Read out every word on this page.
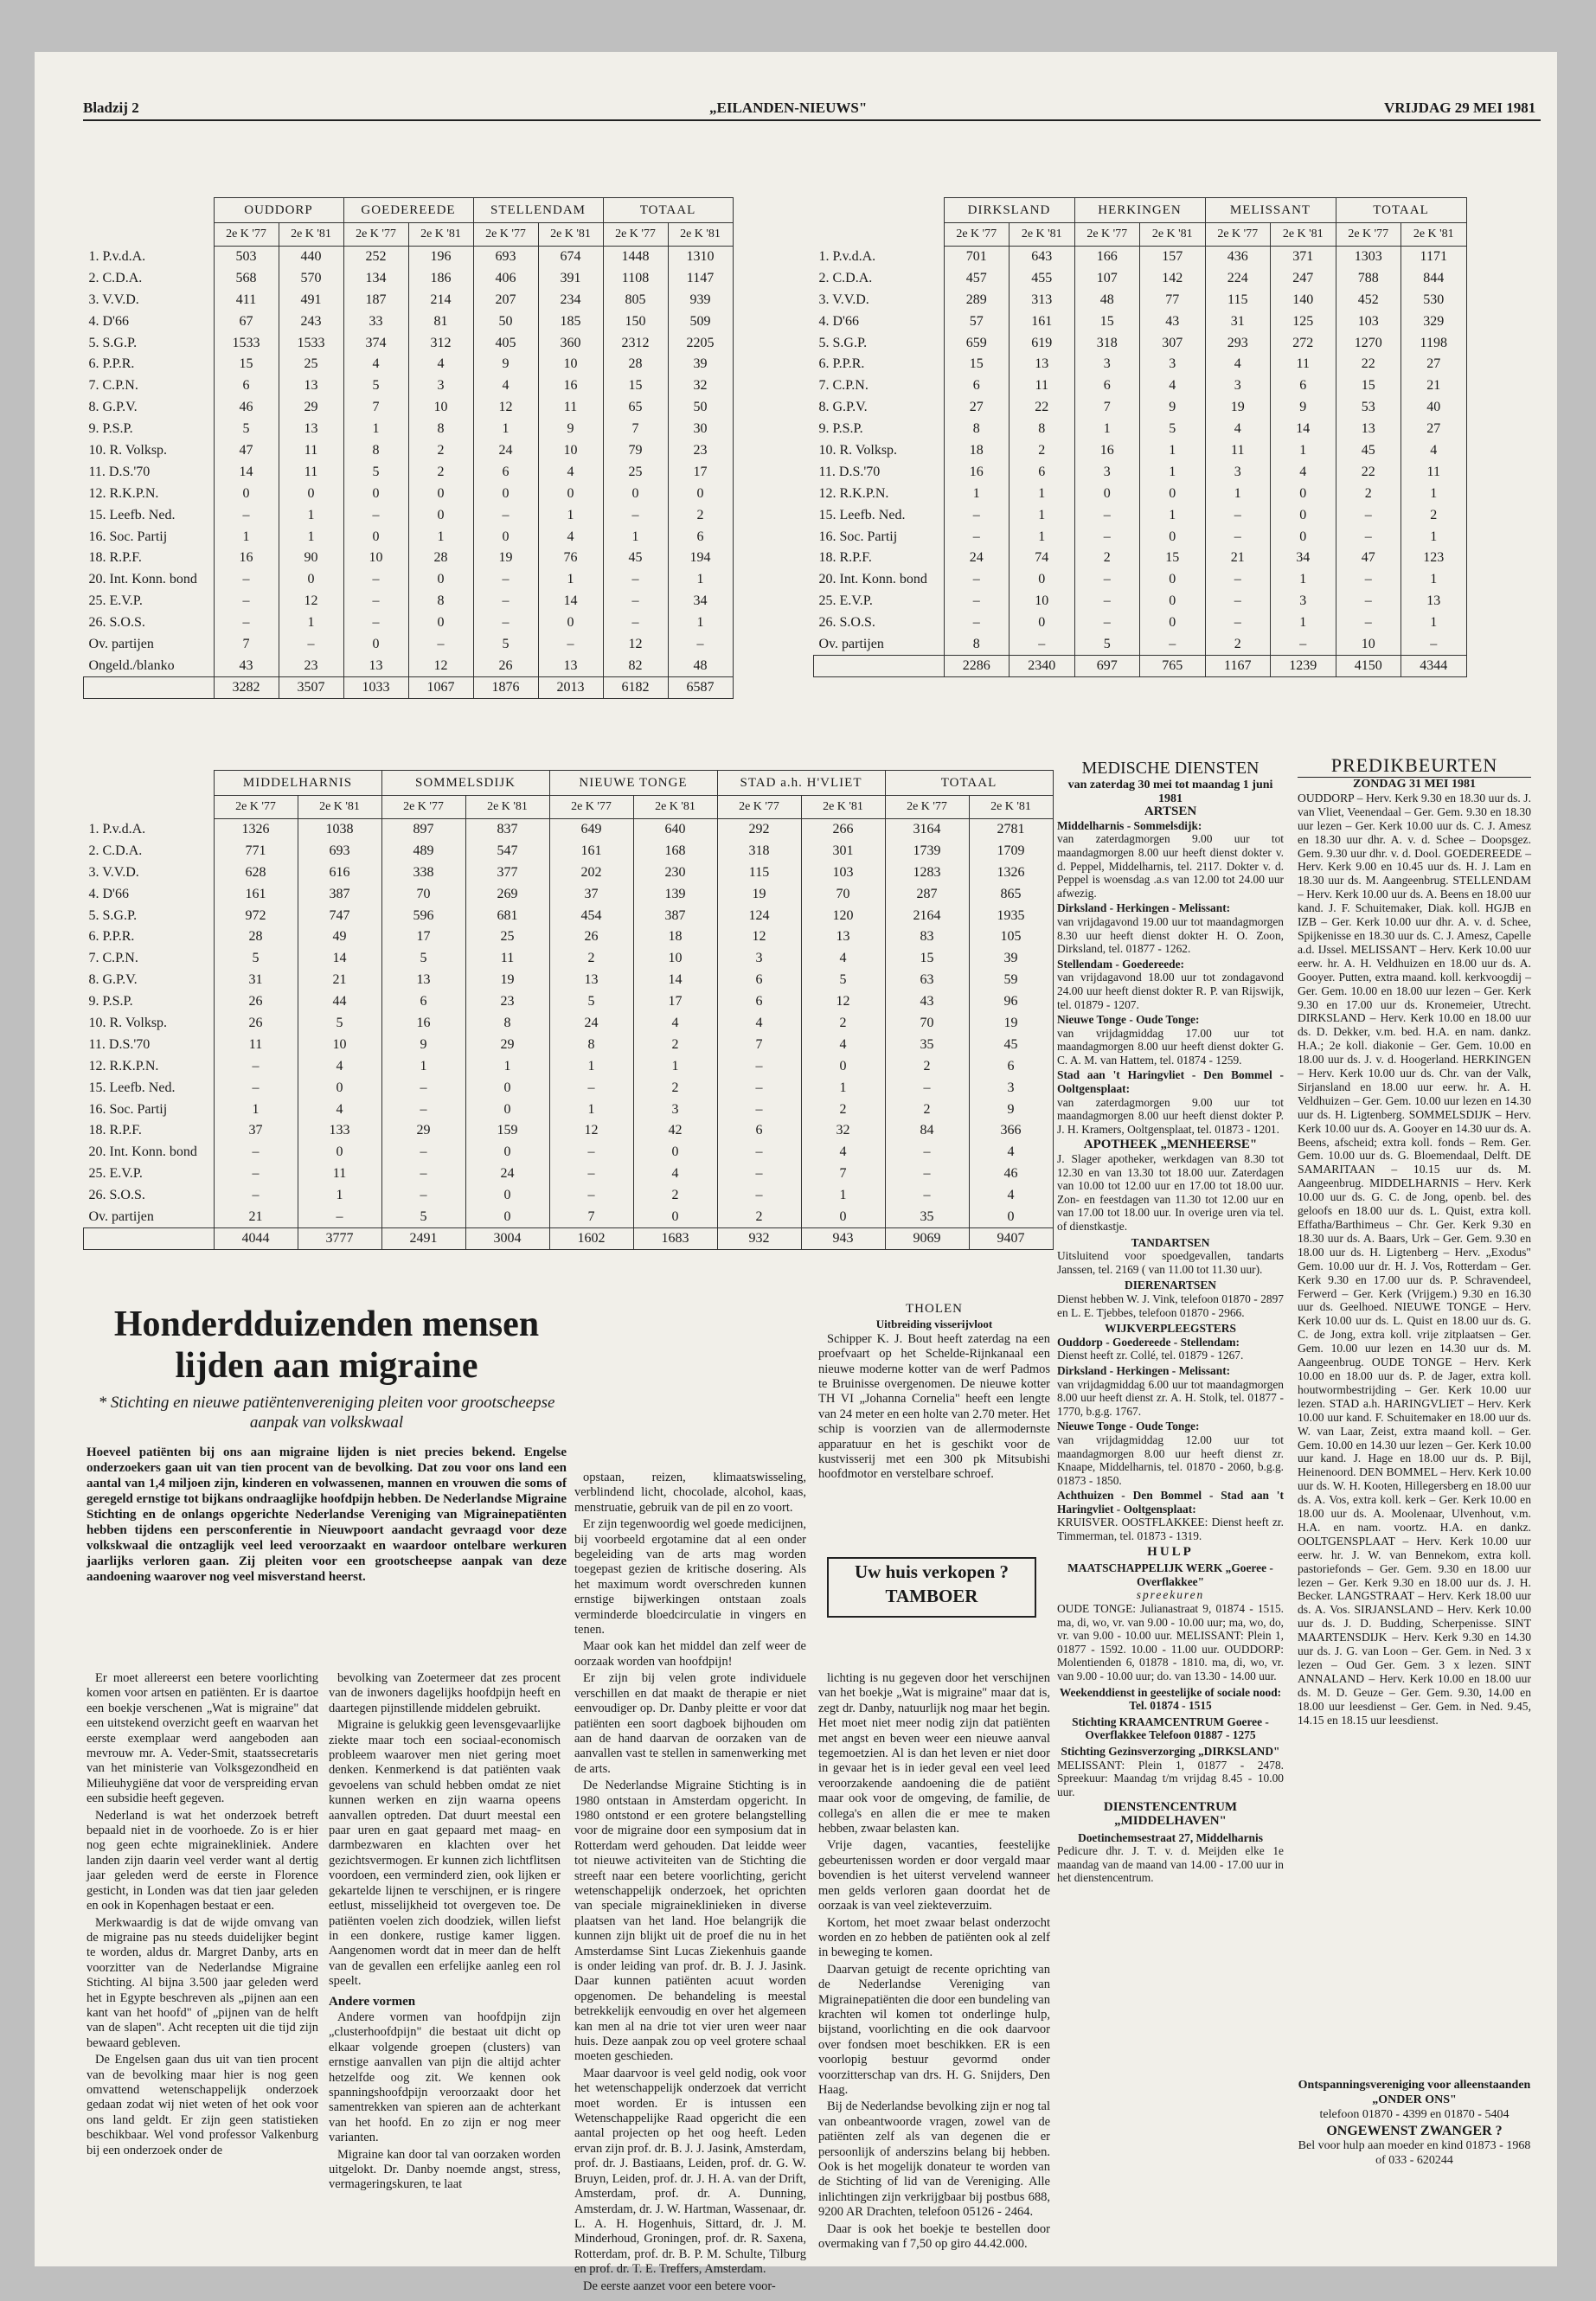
Bladzij 2	„EILANDEN-NIEUWS"	VRIJDAG 29 MEI 1981
	OUDDORP		GOEDEREEDE		STELLENDAM		TOTAAL	
	2e K '77	2e K '81	2e K '77	2e K '81	2e K '77	2e K '81	2e K '77	2e K '81
1. P.v.d.A.	503	440	252	196	693	674	1448	1310
2. C.D.A.	568	570	134	186	406	391	1108	1147
3. V.V.D.	411	491	187	214	207	234	805	939
4. D'66	67	243	33	81	50	185	150	509
5. S.G.P.	1533	1533	374	312	405	360	2312	2205
6. P.P.R.	15	25	4	4	9	10	28	39
7. C.P.N.	6	13	5	3	4	16	15	32
8. G.P.V.	46	29	7	10	12	11	65	50
9. P.S.P.	5	13	1	8	1	9	7	30
10. R. Volksp.	47	11	8	2	24	10	79	23
11. D.S.'70	14	11	5	2	6	4	25	17
12. R.K.P.N.	0	0	0	0	0	0	0	0
15. Leefb. Ned.	–	1	–	0	–	1	–	2
16. Soc. Partij	1	1	0	1	0	4	1	6
18. R.P.F.	16	90	10	28	19	76	45	194
20. Int. Konn. bond	–	0	–	0	–	1	–	1
25. E.V.P.	–	12	–	8	–	14	–	34
26. S.O.S.	–	1	–	0	–	0	–	1
Ov. partijen	7	–	0	–	5	–	12	–
Ongeld./blanko	43	23	13	12	26	13	82	48
	3282	3507	1033	1067	1876	2013	6182	6587
	DIRKSLAND		HERKINGEN		MELISSANT		TOTAAL	
	2e K '77	2e K '81	2e K '77	2e K '81	2e K '77	2e K '81	2e K '77	2e K '81
1. P.v.d.A.	701	643	166	157	436	371	1303	1171
2. C.D.A.	457	455	107	142	224	247	788	844
3. V.V.D.	289	313	48	77	115	140	452	530
4. D'66	57	161	15	43	31	125	103	329
5. S.G.P.	659	619	318	307	293	272	1270	1198
6. P.P.R.	15	13	3	3	4	11	22	27
7. C.P.N.	6	11	6	4	3	6	15	21
8. G.P.V.	27	22	7	9	19	9	53	40
9. P.S.P.	8	8	1	5	4	14	13	27
10. R. Volksp.	18	2	16	1	11	1	45	4
11. D.S.'70	16	6	3	1	3	4	22	11
12. R.K.P.N.	1	1	0	0	1	0	2	1
15. Leefb. Ned.	–	1	–	1	–	0	–	2
16. Soc. Partij	–	1	–	0	–	0	–	1
18. R.P.F.	24	74	2	15	21	34	47	123
20. Int. Konn. bond	–	0	–	0	–	1	–	1
25. E.V.P.	–	10	–	0	–	3	–	13
26. S.O.S.	–	0	–	0	–	1	–	1
Ov. partijen	8	–	5	–	2	–	10	–
	2286	2340	697	765	1167	1239	4150	4344
	MIDDELHARNIS		SOMMELSDIJK		NIEUWE TONGE		STAD a.h. H'VLIET		TOTAAL	
	2e K '77	2e K '81	2e K '77	2e K '81	2e K '77	2e K '81	2e K '77	2e K '81	2e K '77	2e K '81
1. P.v.d.A.	1326	1038	897	837	649	640	292	266	3164	2781
2. C.D.A.	771	693	489	547	161	168	318	301	1739	1709
3. V.V.D.	628	616	338	377	202	230	115	103	1283	1326
4. D'66	161	387	70	269	37	139	19	70	287	865
5. S.G.P.	972	747	596	681	454	387	124	120	2164	1935
6. P.P.R.	28	49	17	25	26	18	12	13	83	105
7. C.P.N.	5	14	5	11	2	10	3	4	15	39
8. G.P.V.	31	21	13	19	13	14	6	5	63	59
9. P.S.P.	26	44	6	23	5	17	6	12	43	96
10. R. Volksp.	26	5	16	8	24	4	4	2	70	19
11. D.S.'70	11	10	9	29	8	2	7	4	35	45
12. R.K.P.N.	–	4	1	1	1	1	–	0	2	6
15. Leefb. Ned.	–	0	–	0	–	2	–	1	–	3
16. Soc. Partij	1	4	–	0	1	3	–	2	2	9
18. R.P.F.	37	133	29	159	12	42	6	32	84	366
20. Int. Konn. bond	–	0	–	0	–	0	–	4	–	4
25. E.V.P.	–	11	–	24	–	4	–	7	–	46
26. S.O.S.	–	1	–	0	–	2	–	1	–	4
Ov. partijen	21	–	5	0	7	0	2	0	35	0
	4044	3777	2491	3004	1602	1683	932	943	9069	9407
Honderdduizenden mensen
lijden aan migraine
* Stichting en nieuwe patiëntenvereniging pleiten voor grootscheepse aanpak van volkskwaal
Hoeveel patiënten bij ons aan migraine lijden is niet precies bekend. Engelse onderzoekers gaan uit van tien procent van de bevolking. Dat zou voor ons land een aantal van 1,4 miljoen zijn, kinderen en volwassenen, mannen en vrouwen die soms of geregeld ernstige tot bijkans ondraaglijke hoofdpijn hebben. De Nederlandse Migraine Stichting en de onlangs opgerichte Nederlandse Vereniging van Migrainepatiënten hebben tijdens een persconferentie in Nieuwpoort aandacht gevraagd voor deze volkskwaal die ontzaglijk veel leed veroorzaakt en waardoor ontelbare werkuren jaarlijks verloren gaan. Zij pleiten voor een grootscheepse aanpak van deze aandoening waarover nog veel misverstand heerst.

Er moet allereerst een betere voorlichting komen voor artsen en patiënten. Er is daartoe een boekje verschenen „Wat is migraine" dat een uitstekend overzicht geeft en waarvan het eerste exemplaar werd aangeboden aan mevrouw mr. A. Veder-Smit, staatssecretaris van het ministerie van Volksgezondheid en Milieuhygiëne dat voor de verspreiding ervan een subsidie heeft gegeven.

Nederland is wat het onderzoek betreft bepaald niet in de voorhoede. Zo is er hier nog geen echte migrainekliniek. Andere landen zijn daarin veel verder want al dertig jaar geleden werd de eerste in Florence gesticht, in Londen was dat tien jaar geleden en ook in Kopenhagen bestaat er een.

Merkwaardig is dat de wijde omvang van de migraine pas nu steeds duidelijker begint te worden, aldus dr. Margret Danby, arts en voorzitter van de Nederlandse Migraine Stichting. Al bijna 3.500 jaar geleden werd het in Egypte beschreven als „pijnen aan een kant van het hoofd" of „pijnen van de helft van de slapen". Acht recepten uit die tijd zijn bewaard gebleven.

De Engelsen gaan dus uit van tien procent van de bevolking maar hier is nog geen omvattend wetenschappelijk onderzoek gedaan zodat wij niet weten of het ook voor ons land geldt. Er zijn geen statistieken beschikbaar. Wel vond professor Valkenburg bij een onderzoek onder de

bevolking van Zoetermeer dat zes procent van de inwoners dagelijks hoofdpijn heeft en daartegen pijnstillende middelen gebruikt.

Migraine is gelukkig geen levensgevaarlijke ziekte maar toch een sociaal-economisch probleem waarover men niet gering moet denken. Kenmerkend is dat patiënten vaak gevoelens van schuld hebben omdat ze niet kunnen werken en zijn waarna opeens aanvallen optreden. Dat duurt meestal een paar uren en gaat gepaard met maag- en darmbezwaren en klachten over het gezichtsvermogen. Er kunnen zich lichtflitsen voordoen, een verminderd zien, ook lijken er gekartelde lijnen te verschijnen, er is ringere eetlust, misselijkheid tot overgeven toe. De patiënten voelen zich doodziek, willen liefst in een donkere, rustige kamer liggen. Aangenomen wordt dat in meer dan de helft van de gevallen een erfelijke aanleg een rol speelt.

Andere vormen

Andere vormen van hoofdpijn zijn „clusterhoofdpijn" die bestaat uit dicht op elkaar volgende groepen (clusters) van ernstige aanvallen van pijn die altijd achter hetzelfde oog zit. We kennen ook spanningshoofdpijn veroorzaakt door het samentrekken van spieren aan de achterkant van het hoofd. En zo zijn er nog meer varianten.

Migraine kan door tal van oorzaken worden uitgelokt. Dr. Danby noemde angst, stress, vermageringskuren, te laat

opstaan, reizen, klimaatswisseling, verblindend licht, chocolade, alcohol, kaas, menstruatie, gebruik van de pil en zo voort.

Er zijn tegenwoordig wel goede medicijnen, bij voorbeeld ergotamine dat al een onder begeleiding van de arts mag worden toegepast gezien de kritische dosering. Als het maximum wordt overschreden kunnen ernstige bijwerkingen ontstaan zoals verminderde bloedcirculatie in vingers en tenen.

Maar ook kan het middel dan zelf weer de oorzaak worden van hoofdpijn!

Er zijn bij velen grote individuele verschillen en dat maakt de therapie er niet eenvoudiger op. Dr. Danby pleitte er voor dat patiënten een soort dagboek bijhouden om aan de hand daarvan de oorzaken van de aanvallen vast te stellen in samenwerking met de arts.

De Nederlandse Migraine Stichting is in 1980 ontstaan in Amsterdam opgericht. In 1980 ontstond er een grotere belangstelling voor de migraine door een symposium dat in Rotterdam werd gehouden. Dat leidde weer tot nieuwe activiteiten van de Stichting die streeft naar een betere voorlichting, gericht wetenschappelijk onderzoek, het oprichten van speciale migraineklinieken in diverse plaatsen van het land. Hoe belangrijk die kunnen zijn blijkt uit de proef die nu in het Amsterdamse Sint Lucas Ziekenhuis gaande is onder leiding van prof. dr. B. J. J. Jasink. Daar kunnen patiënten acuut worden opgenomen. De behandeling is meestal betrekkelijk eenvoudig en over het algemeen kan men al na drie tot vier uren weer naar huis. Deze aanpak zou op veel grotere schaal moeten geschieden.

Maar daarvoor is veel geld nodig, ook voor het wetenschappelijk onderzoek dat verricht moet worden. Er is intussen een Wetenschappelijke Raad opgericht die een aantal projecten op het oog heeft. Leden ervan zijn prof. dr. B. J. J. Jasink, Amsterdam, prof. dr. J. Bastiaans, Leiden, prof. dr. G. W. Bruyn, Leiden, prof. dr. J. H. A. van der Drift, Amsterdam, prof. dr. A. Dunning, Amsterdam, dr. J. W. Hartman, Wassenaar, dr. L. A. H. Hogenhuis, Sittard, dr. J. M. Minderhoud, Groningen, prof. dr. R. Saxena, Rotterdam, prof. dr. B. P. M. Schulte, Tilburg en prof. dr. T. E. Treffers, Amsterdam.

De eerste aanzet voor een betere voor-

lichting is nu gegeven door het verschijnen van het boekje „Wat is migraine" maar dat is, zegt dr. Danby, natuurlijk nog maar het begin. Het moet niet meer nodig zijn dat patiënten met angst en beven weer een nieuwe aanval tegemoetzien. Al is dan het leven er niet door in gevaar het is in ieder geval een veel leed veroorzakende aandoening die de patiënt maar ook voor de omgeving, de familie, de collega's en allen die er mee te maken hebben, zwaar belasten kan.

Vrije dagen, vacanties, feestelijke gebeurtenissen worden er door vergald maar bovendien is het uiterst vervelend wanneer men gelds verloren gaan doordat het de oorzaak is van veel ziekteverzuim.

Kortom, het moet zwaar belast onderzocht worden en zo hebben de patiënten ook al zelf in beweging te komen.

Daarvan getuigt de recente oprichting van de Nederlandse Vereniging van Migrainepatiënten die door een bundeling van krachten wil komen tot onderlinge hulp, bijstand, voorlichting en die ook daarvoor over fondsen moet beschikken. ER is een voorlopig bestuur gevormd onder voorzitterschap van drs. H. G. Snijders, Den Haag.

Bij de Nederlandse bevolking zijn er nog tal van onbeantwoorde vragen, zowel van de patiënten zelf als van degenen die er persoonlijk of anderszins belang bij hebben. Ook is het mogelijk donateur te worden van de Stichting of lid van de Vereniging. Alle inlichtingen zijn verkrijgbaar bij postbus 688, 9200 AR Drachten, telefoon 05126 - 2464.

Daar is ook het boekje te bestellen door overmaking van f 7,50 op giro 44.42.000.

THOLEN
Uitbreiding visserijvloot

Schipper K. J. Bout heeft zaterdag na een proefvaart op het Schelde-Rijnkanaal een nieuwe moderne kotter van de werf Padmos te Bruinisse overgenomen. De nieuwe kotter TH VI „Johanna Cornelia" heeft een lengte van 24 meter en een holte van 2.70 meter. Het schip is voorzien van de allermodernste apparatuur en het is geschikt voor de kustvisserij met een 300 pk Mitsubishi hoofdmotor en verstelbare schroef.

Uw huis verkopen ?
TAMBOER
MEDISCHE DIENSTEN
van zaterdag 30 mei tot maandag 1 juni 1981
ARTSEN
Middelharnis - Sommelsdijk:

van zaterdagmorgen 9.00 uur tot maandagmorgen 8.00 uur heeft dienst dokter v. d. Peppel, Middelharnis, tel. 2117. Dokter v. d. Peppel is woensdag .a.s van 12.00 tot 24.00 uur afwezig.

Dirksland - Herkingen - Melissant:

van vrijdagavond 19.00 uur tot maandagmorgen 8.30 uur heeft dienst dokter H. O. Zoon, Dirksland, tel. 01877 - 1262.

Stellendam - Goedereede:

van vrijdagavond 18.00 uur tot zondagavond 24.00 uur heeft dienst dokter R. P. van Rijswijk, tel. 01879 - 1207.

Nieuwe Tonge - Oude Tonge:

van vrijdagmiddag 17.00 uur tot maandagmorgen 8.00 uur heeft dienst dokter G. C. A. M. van Hattem, tel. 01874 - 1259.

Stad aan 't Haringvliet - Den Bommel - Ooltgensplaat:

van zaterdagmorgen 9.00 uur tot maandagmorgen 8.00 uur heeft dienst dokter P. J. H. Kramers, Ooltgensplaat, tel. 01873 - 1201.

APOTHEEK „MENHEERSE"

J. Slager apotheker, werkdagen van 8.30 tot 12.30 en van 13.30 tot 18.00 uur. Zaterdagen van 10.00 tot 12.00 uur en 17.00 tot 18.00 uur. Zon- en feestdagen van 11.30 tot 12.00 uur en van 17.00 tot 18.00 uur. In overige uren via tel. of dienstkastje.

TANDARTSEN

Uitsluitend voor spoedgevallen, tandarts Janssen, tel. 2169 ( van 11.00 tot 11.30 uur).

DIERENARTSEN

Dienst hebben W. J. Vink, telefoon 01870 - 2897 en L. E. Tjebbes, telefoon 01870 - 2966.

WIJKVERPLEEGSTERS
Ouddorp - Goedereede - Stellendam:

Dienst heeft zr. Collé, tel. 01879 - 1267.

Dirksland - Herkingen - Melissant:

van vrijdagmiddag 6.00 uur tot maandagmorgen 8.00 uur heeft dienst zr. A. H. Stolk, tel. 01877 - 1770, b.g.g. 1767.

Nieuwe Tonge - Oude Tonge:

van vrijdagmiddag 12.00 uur tot maandagmorgen 8.00 uur heeft dienst zr. Knaape, Middelharnis, tel. 01870 - 2060, b.g.g. 01873 - 1850.

Achthuizen - Den Bommel - Stad aan 't Haringvliet - Ooltgensplaat:

KRUISVER. OOSTFLAKKEE: Dienst heeft zr. Timmerman, tel. 01873 - 1319.

HULP
MAATSCHAPPELIJK WERK „Goeree - Overflakkee"
spreekuren

OUDE TONGE: Julianastraat 9, 01874 - 1515. ma, di, wo, vr. van 9.00 - 10.00 uur; ma, wo, do, vr. van 9.00 - 10.00 uur. MELISSANT: Plein 1, 01877 - 1592. 10.00 - 11.00 uur. OUDDORP: Molentienden 6, 01878 - 1810. ma, di, wo, vr. van 9.00 - 10.00 uur; do. van 13.30 - 14.00 uur.

Weekenddienst in geestelijke of sociale nood: Tel. 01874 - 1515
Stichting KRAAMCENTRUM Goeree - Overflakkee Telefoon 01887 - 1275
Stichting Gezinsverzorging „DIRKSLAND"

MELISSANT: Plein 1, 01877 - 2478. Spreekuur: Maandag t/m vrijdag 8.45 - 10.00 uur.

DIENSTENCENTRUM „MIDDELHAVEN"
Doetinchemsestraat 27, Middelharnis

Pedicure dhr. J. T. v. d. Meijden elke 1e maandag van de maand van 14.00 - 17.00 uur in het dienstencentrum.

PREDIKBEURTEN
ZONDAG 31 MEI 1981

OUDDORP – Herv. Kerk 9.30 en 18.30 uur ds. J. van Vliet, Veenendaal – Ger. Gem. 9.30 en 18.30 uur lezen – Ger. Kerk 10.00 uur ds. C. J. Amesz en 18.30 uur dhr. A. v. d. Schee – Doopsgez. Gem. 9.30 uur dhr. v. d. Dool. GOEDEREEDE – Herv. Kerk 9.00 en 10.45 uur ds. H. J. Lam en 18.30 uur ds. M. Aangeenbrug. STELLENDAM – Herv. Kerk 10.00 uur ds. A. Beens en 18.00 uur kand. J. F. Schuitemaker, Diak. koll. HGJB en IZB – Ger. Kerk 10.00 uur dhr. A. v. d. Schee, Spijkenisse en 18.30 uur ds. C. J. Amesz, Capelle a.d. IJssel. MELISSANT – Herv. Kerk 10.00 uur eerw. hr. A. H. Veldhuizen en 18.00 uur ds. A. Gooyer. Putten, extra maand. koll. kerkvoogdij – Ger. Gem. 10.00 en 18.00 uur lezen – Ger. Kerk 9.30 en 17.00 uur ds. Kronemeier, Utrecht. DIRKSLAND – Herv. Kerk 10.00 en 18.00 uur ds. D. Dekker, v.m. bed. H.A. en nam. dankz. H.A.; 2e koll. diakonie – Ger. Gem. 10.00 en 18.00 uur ds. J. v. d. Hoogerland. HERKINGEN – Herv. Kerk 10.00 uur ds. Chr. van der Valk, Sirjansland en 18.00 uur eerw. hr. A. H. Veldhuizen – Ger. Gem. 10.00 uur lezen en 14.30 uur ds. H. Ligtenberg. SOMMELSDIJK – Herv. Kerk 10.00 uur ds. A. Gooyer en 14.30 uur ds. A. Beens, afscheid; extra koll. fonds – Rem. Ger. Gem. 10.00 uur ds. G. Bloemendaal, Delft. DE SAMARITAAN – 10.15 uur ds. M. Aangeenbrug. MIDDELHARNIS – Herv. Kerk 10.00 uur ds. G. C. de Jong, openb. bel. des geloofs en 18.00 uur ds. L. Quist, extra koll. Effatha/Barthimeus – Chr. Ger. Kerk 9.30 en 18.30 uur ds. A. Baars, Urk – Ger. Gem. 9.30 en 18.00 uur ds. H. Ligtenberg – Herv. „Exodus" Gem. 10.00 uur dr. H. J. Vos, Rotterdam – Ger. Kerk 9.30 en 17.00 uur ds. P. Schravendeel, Ferwerd – Ger. Kerk (Vrijgem.) 9.30 en 16.30 uur ds. Geelhoed. NIEUWE TONGE – Herv. Kerk 10.00 uur ds. L. Quist en 18.00 uur ds. G. C. de Jong, extra koll. vrije zitplaatsen – Ger. Gem. 10.00 uur lezen en 14.30 uur ds. M. Aangeenbrug. OUDE TONGE – Herv. Kerk 10.00 en 18.00 uur ds. P. de Jager, extra koll. houtwormbestrijding – Ger. Kerk 10.00 uur lezen. STAD a.h. HARINGVLIET – Herv. Kerk 10.00 uur kand. F. Schuitemaker en 18.00 uur ds. W. van Laar, Zeist, extra maand koll. – Ger. Gem. 10.00 en 14.30 uur lezen – Ger. Kerk 10.00 uur kand. J. Hage en 18.00 uur ds. P. Bijl, Heinenoord. DEN BOMMEL – Herv. Kerk 10.00 uur ds. W. H. Kooten, Hillegersberg en 18.00 uur ds. A. Vos, extra koll. kerk – Ger. Kerk 10.00 en 18.00 uur ds. A. Moolenaar, Ulvenhout, v.m. H.A. en nam. voortz. H.A. en dankz. OOLTGENSPLAAT – Herv. Kerk 10.00 uur eerw. hr. J. W. van Bennekom, extra koll. pastoriefonds – Ger. Gem. 9.30 en 18.00 uur lezen – Ger. Kerk 9.30 en 18.00 uur ds. J. H. Becker. LANGSTRAAT – Herv. Kerk 18.00 uur ds. A. Vos. SIRJANSLAND – Herv. Kerk 10.00 uur ds. J. D. Budding, Scherpenisse. SINT MAARTENSDIJK – Herv. Kerk 9.30 en 14.30 uur ds. J. G. van Loon – Ger. Gem. in Ned. 3 x lezen – Oud Ger. Gem. 3 x lezen. SINT ANNALAND – Herv. Kerk 10.00 en 18.00 uur ds. M. D. Geuze – Ger. Gem. 9.30, 14.00 en 18.00 uur leesdienst – Ger. Gem. in Ned. 9.45, 14.15 en 18.15 uur leesdienst.

Ontspanningsvereniging voor alleenstaanden „ONDER ONS"
telefoon 01870 - 4399 en 01870 - 5404
ONGEWENST ZWANGER ?
Bel voor hulp aan moeder en kind 01873 - 1968 of 033 - 620244
